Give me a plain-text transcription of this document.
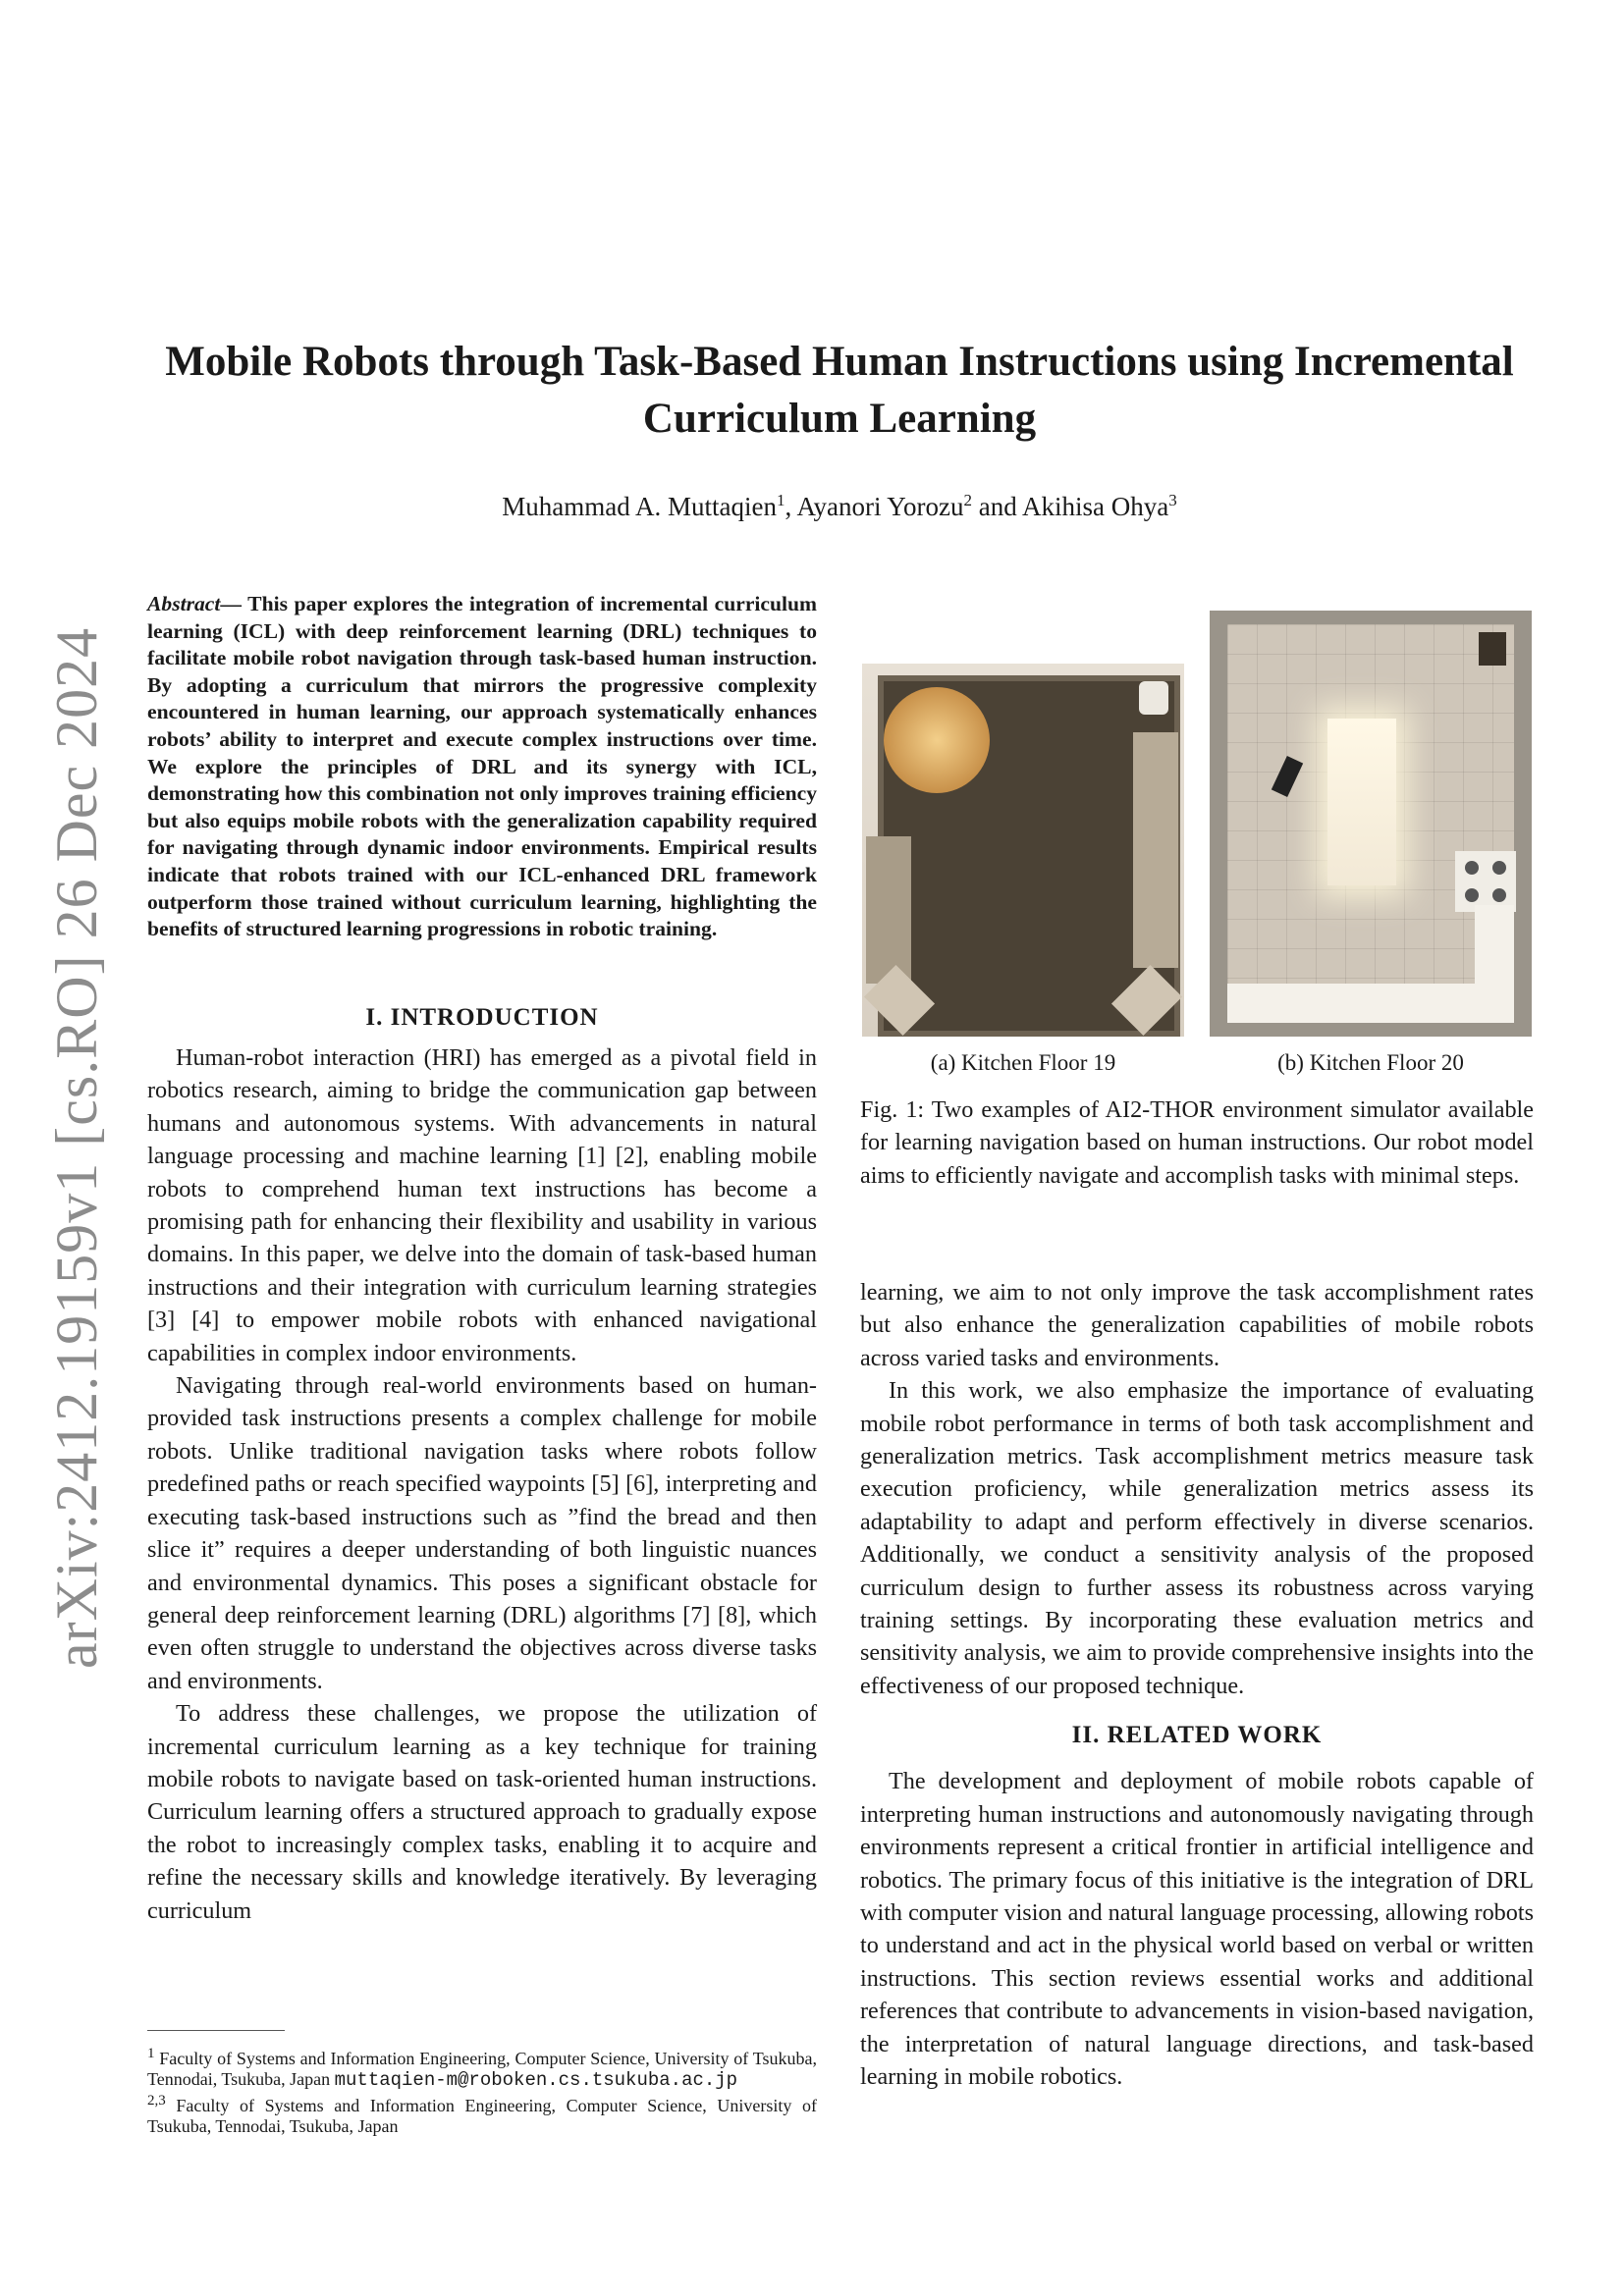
arXiv:2412.19159v1 [cs.RO] 26 Dec 2024
Mobile Robots through Task-Based Human Instructions using Incremental Curriculum Learning
Muhammad A. Muttaqien$^1$, Ayanori Yorozu$^2$ and Akihisa Ohya$^3$
Abstract— This paper explores the integration of incremental curriculum learning (ICL) with deep reinforcement learning (DRL) techniques to facilitate mobile robot navigation through task-based human instruction. By adopting a curriculum that mirrors the progressive complexity encountered in human learning, our approach systematically enhances robots’ ability to interpret and execute complex instructions over time. We explore the principles of DRL and its synergy with ICL, demonstrating how this combination not only improves training efficiency but also equips mobile robots with the generalization capability required for navigating through dynamic indoor environments. Empirical results indicate that robots trained with our ICL-enhanced DRL framework outperform those trained without curriculum learning, highlighting the benefits of structured learning progressions in robotic training.
I. INTRODUCTION

Human-robot interaction (HRI) has emerged as a pivotal field in robotics research, aiming to bridge the communication gap between humans and autonomous systems. With advancements in natural language processing and machine learning [1] [2], enabling mobile robots to comprehend human text instructions has become a promising path for enhancing their flexibility and usability in various domains. In this paper, we delve into the domain of task-based human instructions and their integration with curriculum learning strategies [3] [4] to empower mobile robots with enhanced navigational capabilities in complex indoor environments.

Navigating through real-world environments based on human-provided task instructions presents a complex challenge for mobile robots. Unlike traditional navigation tasks where robots follow predefined paths or reach specified waypoints [5] [6], interpreting and executing task-based instructions such as ”find the bread and then slice it” requires a deeper understanding of both linguistic nuances and environmental dynamics. This poses a significant obstacle for general deep reinforcement learning (DRL) algorithms [7] [8], which even often struggle to understand the objectives across diverse tasks and environments.

To address these challenges, we propose the utilization of incremental curriculum learning as a key technique for training mobile robots to navigate based on task-oriented human instructions. Curriculum learning offers a structured approach to gradually expose the robot to increasingly complex tasks, enabling it to acquire and refine the necessary skills and knowledge iteratively. By leveraging curriculum

$^1$ Faculty of Systems and Information Engineering, Computer Science, University of Tsukuba, Tennodai, Tsukuba, Japan muttaqien-m@roboken.cs.tsukuba.ac.jp
$^{2,3}$ Faculty of Systems and Information Engineering, Computer Science, University of Tsukuba, Tennodai, Tsukuba, Japan
(a) Kitchen Floor 19	(b) Kitchen Floor 20
Fig. 1: Two examples of AI2-THOR environment simulator available for learning navigation based on human instructions. Our robot model aims to efficiently navigate and accomplish tasks with minimal steps.

learning, we aim to not only improve the task accomplishment rates but also enhance the generalization capabilities of mobile robots across varied tasks and environments.

In this work, we also emphasize the importance of evaluating mobile robot performance in terms of both task accomplishment and generalization metrics. Task accomplishment metrics measure task execution proficiency, while generalization metrics assess its adaptability to adapt and perform effectively in diverse scenarios. Additionally, we conduct a sensitivity analysis of the proposed curriculum design to further assess its robustness across varying training settings. By incorporating these evaluation metrics and sensitivity analysis, we aim to provide comprehensive insights into the effectiveness of our proposed technique.

II. RELATED WORK

The development and deployment of mobile robots capable of interpreting human instructions and autonomously navigating through environments represent a critical frontier in artificial intelligence and robotics. The primary focus of this initiative is the integration of DRL with computer vision and natural language processing, allowing robots to understand and act in the physical world based on verbal or written instructions. This section reviews essential works and additional references that contribute to advancements in vision-based navigation, the interpretation of natural language directions, and task-based learning in mobile robotics.
